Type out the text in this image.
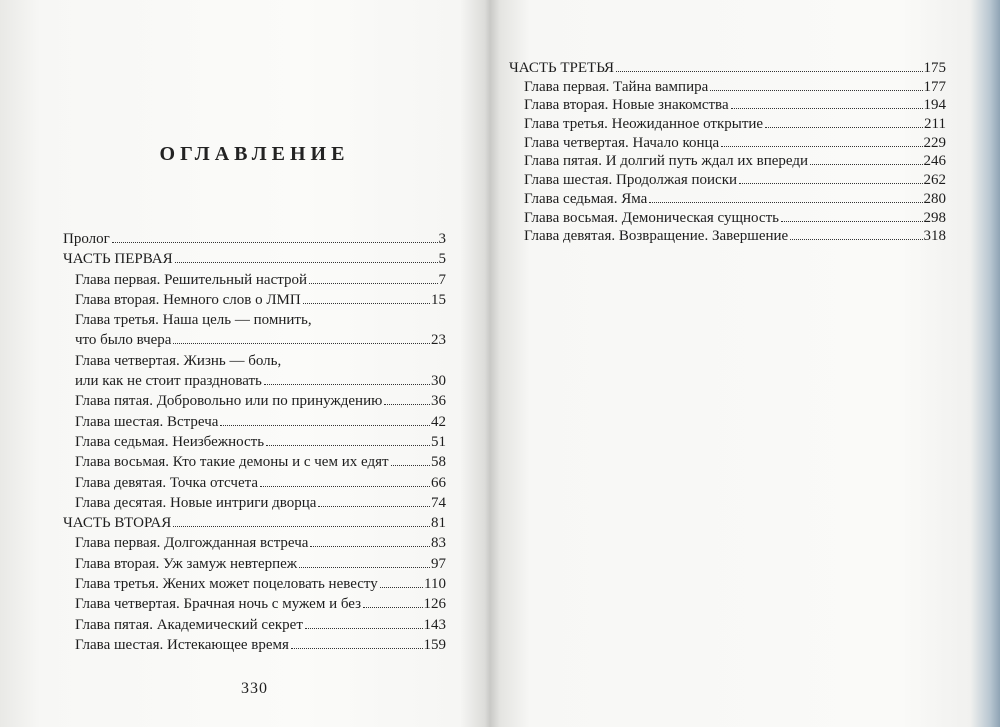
ОГЛАВЛЕНИЕ
Пролог	3
ЧАСТЬ ПЕРВАЯ	5
Глава первая. Решительный настрой	7
Глава вторая. Немного слов о ЛМП	15
Глава третья. Наша цель — помнить,
что было вчера	23
Глава четвертая. Жизнь — боль,
или как не стоит праздновать	30
Глава пятая. Добровольно или по принуждению	36
Глава шестая. Встреча	42
Глава седьмая. Неизбежность	51
Глава восьмая. Кто такие демоны и с чем их едят	58
Глава девятая. Точка отсчета	66
Глава десятая. Новые интриги дворца	74
ЧАСТЬ ВТОРАЯ	81
Глава первая. Долгожданная встреча	83
Глава вторая. Уж замуж невтерпеж	97
Глава третья. Жених может поцеловать невесту	110
Глава четвертая. Брачная ночь с мужем и без	126
Глава пятая. Академический секрет	143
Глава шестая. Истекающее время	159
330
ЧАСТЬ ТРЕТЬЯ	175
Глава первая. Тайна вампира	177
Глава вторая. Новые знакомства	194
Глава третья. Неожиданное открытие	211
Глава четвертая. Начало конца	229
Глава пятая. И долгий путь ждал их впереди	246
Глава шестая. Продолжая поиски	262
Глава седьмая. Яма	280
Глава восьмая. Демоническая сущность	298
Глава девятая. Возвращение. Завершение	318
